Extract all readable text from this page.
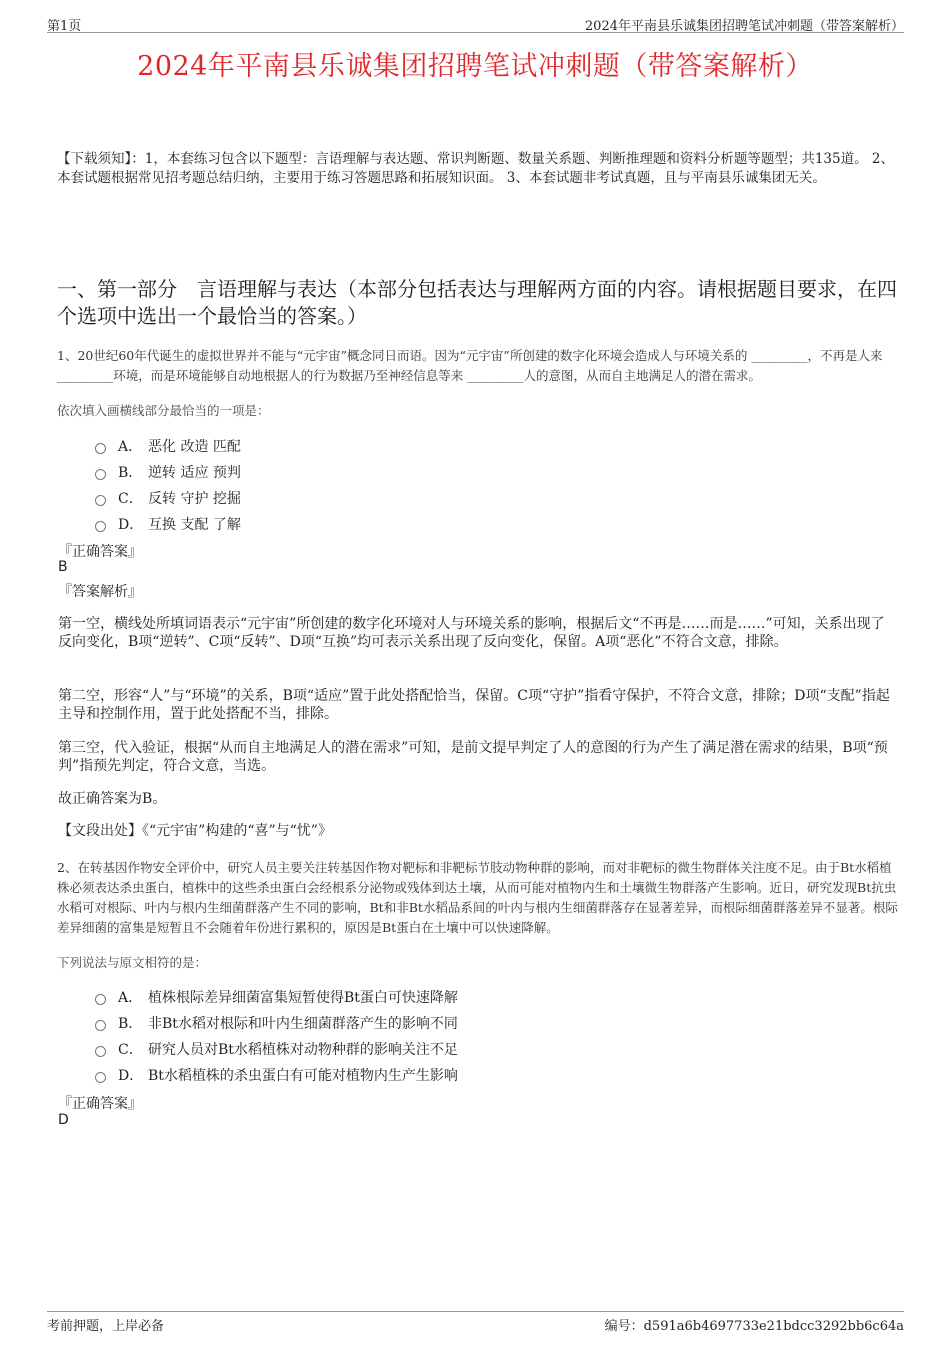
第1页	2024年平南县乐诚集团招聘笔试冲刺题（带答案解析）
2024年平南县乐诚集团招聘笔试冲刺题（带答案解析）
【下载须知】：1，本套练习包含以下题型：言语理解与表达题、常识判断题、数量关系题、判断推理题和资料分析题等题型；共135道。 2、本套试题根据常见招考题总结归纳，主要用于练习答题思路和拓展知识面。 3、本套试题非考试真题，且与平南县乐诚集团无关。
一、第一部分　言语理解与表达（本部分包括表达与理解两方面的内容。请根据题目要求，在四个选项中选出一个最恰当的答案。）
1、20世纪60年代诞生的虚拟世界并不能与“元宇宙”概念同日而语。因为“元宇宙”所创建的数字化环境会造成人与环境关系的 _________，不再是人来 _________环境，而是环境能够自动地根据人的行为数据乃至神经信息等来 _________人的意图，从而自主地满足人的潜在需求。
依次填入画横线部分最恰当的一项是：
A． 恶化 改造 匹配
B． 逆转 适应 预判
C． 反转 守护 挖掘
D． 互换 支配 了解
『正确答案』
B
『答案解析』
第一空，横线处所填词语表示“元宇宙”所创建的数字化环境对人与环境关系的影响，根据后文“不再是……而是……”可知，关系出现了反向变化，B项“逆转”、C项“反转”、D项“互换”均可表示关系出现了反向变化，保留。A项“恶化”不符合文意，排除。
第二空，形容“人”与“环境”的关系，B项“适应”置于此处搭配恰当，保留。C项“守护”指看守保护，不符合文意，排除；D项“支配”指起主导和控制作用，置于此处搭配不当，排除。
第三空，代入验证，根据“从而自主地满足人的潜在需求”可知，是前文提早判定了人的意图的行为产生了满足潜在需求的结果，B项“预判”指预先判定，符合文意，当选。
故正确答案为B。
【文段出处】《“元宇宙”构建的“喜”与“忧”》
2、在转基因作物安全评价中，研究人员主要关注转基因作物对靶标和非靶标节肢动物种群的影响，而对非靶标的微生物群体关注度不足。由于Bt水稻植株必须表达杀虫蛋白，植株中的这些杀虫蛋白会经根系分泌物或残体到达土壤，从而可能对植物内生和土壤微生物群落产生影响。近日，研究发现Bt抗虫水稻可对根际、叶内与根内生细菌群落产生不同的影响，Bt和非Bt水稻品系间的叶内与根内生细菌群落存在显著差异，而根际细菌群落差异不显著。根际差异细菌的富集是短暂且不会随着年份进行累积的，原因是Bt蛋白在土壤中可以快速降解。
下列说法与原文相符的是：
A． 植株根际差异细菌富集短暂使得Bt蛋白可快速降解
B． 非Bt水稻对根际和叶内生细菌群落产生的影响不同
C． 研究人员对Bt水稻植株对动物种群的影响关注不足
D． Bt水稻植株的杀虫蛋白有可能对植物内生产生影响
『正确答案』
D
考前押题，上岸必备	编号：d591a6b4697733e21bdcc3292bb6c64a
